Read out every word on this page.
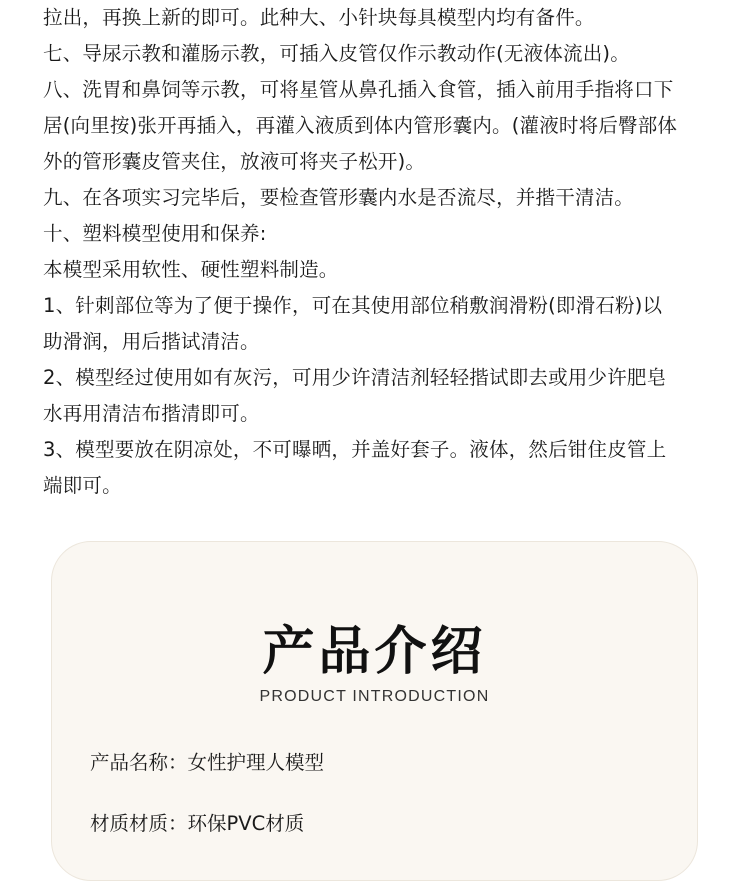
拉出，再换上新的即可。此种大、小针块每具模型内均有备件。

七、导尿示教和灌肠示教，可插入皮管仅作示教动作(无液体流出)。

八、洗胃和鼻饲等示教，可将星管从鼻孔插入食管，插入前用手指将口下

居(向里按)张开再插入，再灌入液质到体内管形囊内。(灌液时将后臀部体

外的管形囊皮管夹住，放液可将夹子松开)。

九、在各项实习完毕后，要检查管形囊内水是否流尽，并揩干清洁。

十、塑料模型使用和保养:

本模型采用软性、硬性塑料制造。

1、针刺部位等为了便于操作，可在其使用部位稍敷润滑粉(即滑石粉)以

助滑润，用后揩试清洁。

2、模型经过使用如有灰污，可用少许清洁剂轻轻揩试即去或用少许肥皂

水再用清洁布揩清即可。

3、模型要放在阴凉处，不可曝晒，并盖好套子。液体，然后钳住皮管上

端即可。

产品介绍
PRODUCT INTRODUCTION
产品名称：女性护理人模型
材质材质：环保PVC材质
